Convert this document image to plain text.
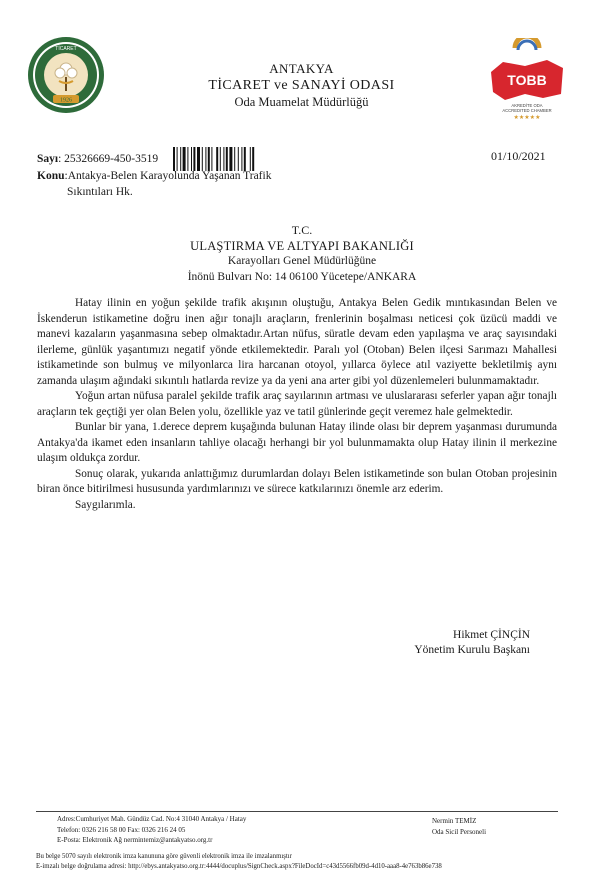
1926
TİCARET
TOBB
AKREDİTE ODA
ACCREDITED CHAMBER
★★★★★
ANTAKYA
TİCARET ve SANAYİ ODASI
Oda Muamelat Müdürlüğü
Sayı: 25326669-450-3519	01/10/2021
Konu:Antakya-Belen Karayolunda Yaşanan Trafik
Sıkıntıları Hk.
T.C.
ULAŞTIRMA VE ALTYAPI BAKANLIĞI
Karayolları Genel Müdürlüğüne
İnönü Bulvarı No: 14 06100 Yücetepe/ANKARA

Hatay ilinin en yoğun şekilde trafik akışının oluştuğu, Antakya Belen Gedik mıntıkasından Belen ve İskenderun istikametine doğru inen ağır tonajlı araçların, frenlerinin boşalması neticesi çok üzücü maddi ve manevi kazaların yaşanmasına sebep olmaktadır.Artan nüfus, süratle devam eden yapılaşma ve araç sayısındaki ilerleme, günlük yaşantımızı negatif yönde etkilemektedir. Paralı yol (Otoban) Belen ilçesi Sarımazı Mahallesi istikametinde son bulmuş ve milyonlarca lira harcanan otoyol, yıllarca öylece atıl vaziyette bekletilmiş aynı zamanda ulaşım ağındaki sıkıntılı hatlarda revize ya da yeni ana arter gibi yol düzenlemeleri bulunmamaktadır.

Yoğun artan nüfusa paralel şekilde trafik araç sayılarının artması ve uluslararası seferler yapan ağır tonajlı araçların tek geçtiği yer olan Belen yolu, özellikle yaz ve tatil günlerinde geçit veremez hale gelmektedir.

Bunlar bir yana, 1.derece deprem kuşağında bulunan Hatay ilinde olası bir deprem yaşanması durumunda Antakya'da ikamet eden insanların tahliye olacağı herhangi bir yol bulunmamakta olup Hatay ilinin il merkezine ulaşım oldukça zordur.

Sonuç olarak, yukarıda anlattığımız durumlardan dolayı Belen istikametinde son bulan Otoban projesinin biran önce bitirilmesi hususunda yardımlarınızı ve sürece katkılarınızı önemle arz ederim.

Saygılarımla.

Hikmet ÇİNÇİN
Yönetim Kurulu Başkanı
Adres:Cumhuriyet Mah. Gündüz Cad. No:4 31040 Antakya / Hatay
Telefon: 0326 216 58 00 Fax: 0326 216 24 05
E-Posta: Elektronik Ağ nermintemiz@antakyatso.org.tr
Nermin TEMİZ
Oda Sicil Personeli
Bu belge 5070 sayılı elektronik imza kanununa göre güvenli elektronik imza ile imzalanmıştır
E-imzalı belge doğrulama adresi: http://ebys.antakyatso.org.tr:4444/docuplus/SignCheck.aspx?FileDocId=c43d5566fb09d-4d10-aaa8-4e763b86e738
